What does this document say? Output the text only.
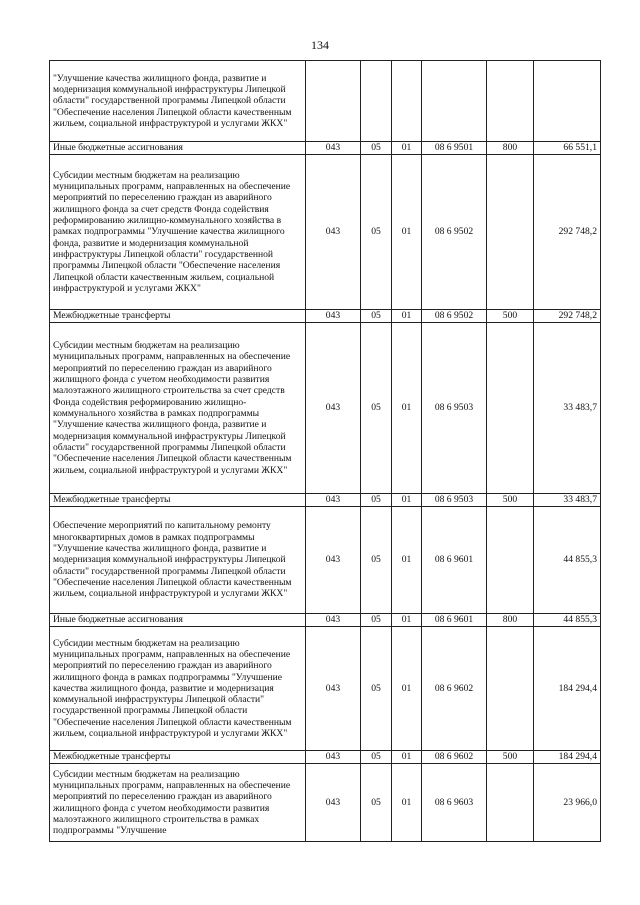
134
"Улучшение качества жилищного фонда, развитие и модернизация коммунальной инфраструктуры Липецкой области" государственной программы Липецкой области "Обеспечение населения Липецкой области качественным жильем, социальной инфраструктурой и услугами ЖКХ"						
Иные бюджетные ассигнования	043	05	01	08 6 9501	800	66 551,1
Субсидии местным бюджетам на реализацию муниципальных программ, направленных на обеспечение мероприятий по переселению граждан из аварийного жилищного фонда за счет средств Фонда содействия реформированию жилищно-коммунального хозяйства в рамках подпрограммы "Улучшение качества жилищного фонда, развитие и модернизация коммунальной инфраструктуры Липецкой области" государственной программы Липецкой области "Обеспечение населения Липецкой области качественным жильем, социальной инфраструктурой и услугами ЖКХ"	043	05	01	08 6 9502		292 748,2
Межбюджетные трансферты	043	05	01	08 6 9502	500	292 748,2
Субсидии местным бюджетам на реализацию муниципальных программ, направленных на обеспечение мероприятий по переселению граждан из аварийного жилищного фонда с учетом необходимости развития малоэтажного жилищного строительства за счет средств Фонда содействия реформированию жилищно-коммунального хозяйства в рамках подпрограммы "Улучшение качества жилищного фонда, развитие и модернизация коммунальной инфраструктуры Липецкой области" государственной программы Липецкой области "Обеспечение населения Липецкой области качественным жильем, социальной инфраструктурой и услугами ЖКХ"	043	05	01	08 6 9503		33 483,7
Межбюджетные трансферты	043	05	01	08 6 9503	500	33 483,7
Обеспечение мероприятий по капитальному ремонту многоквартирных домов в рамках подпрограммы "Улучшение качества жилищного фонда, развитие и модернизация коммунальной инфраструктуры Липецкой области" государственной программы Липецкой области "Обеспечение населения Липецкой области качественным жильем, социальной инфраструктурой и услугами ЖКХ"	043	05	01	08 6 9601		44 855,3
Иные бюджетные ассигнования	043	05	01	08 6 9601	800	44 855,3
Субсидии местным бюджетам на реализацию муниципальных программ, направленных на обеспечение мероприятий по переселению граждан из аварийного жилищного фонда в рамках подпрограммы "Улучшение качества жилищного фонда, развитие и модернизация коммунальной инфраструктуры Липецкой области" государственной программы Липецкой области "Обеспечение населения Липецкой области качественным жильем, социальной инфраструктурой и услугами ЖКХ"	043	05	01	08 6 9602		184 294,4
Межбюджетные трансферты	043	05	01	08 6 9602	500	184 294,4
Субсидии местным бюджетам на реализацию муниципальных программ, направленных на обеспечение мероприятий по переселению граждан из аварийного жилищного фонда с учетом необходимости развития малоэтажного жилищного строительства в рамках подпрограммы "Улучшение	043	05	01	08 6 9603		23 966,0
